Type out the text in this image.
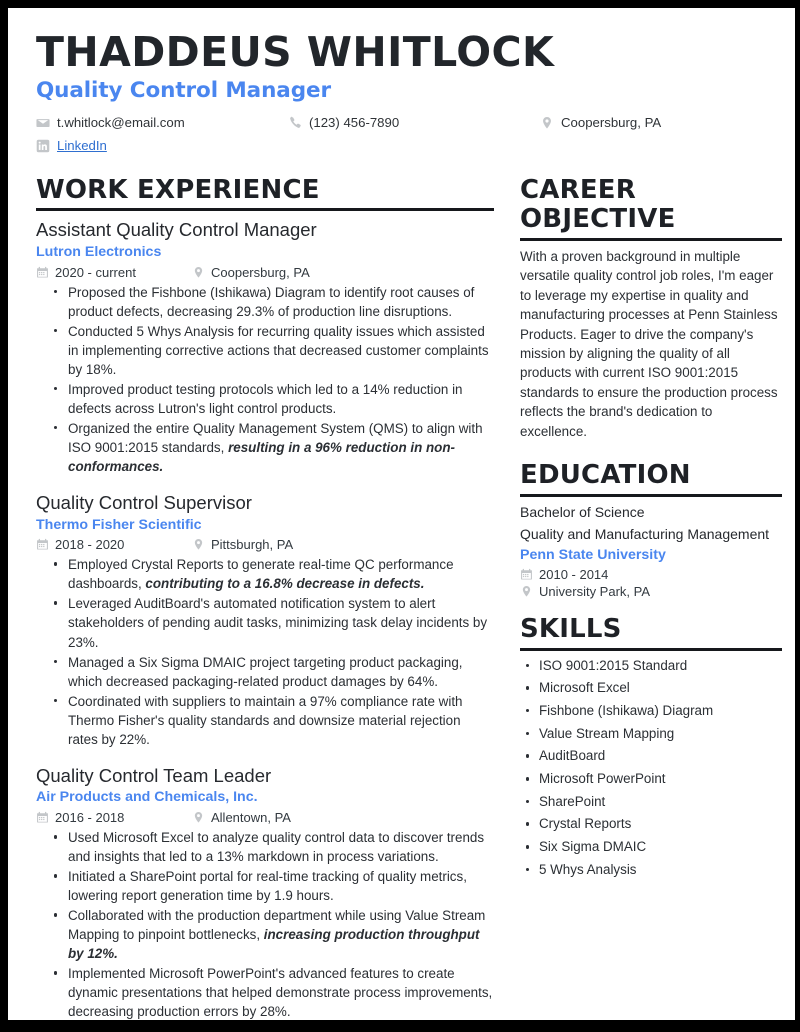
THADDEUS WHITLOCK
Quality Control Manager
t.whitlock@email.com	(123) 456-7890	Coopersburg, PA
LinkedIn
WORK EXPERIENCE
Assistant Quality Control Manager
Lutron Electronics
2020 - current	Coopersburg, PA
Proposed the Fishbone (Ishikawa) Diagram to identify root causes of product defects, decreasing 29.3% of production line disruptions.
Conducted 5 Whys Analysis for recurring quality issues which assisted in implementing corrective actions that decreased customer complaints by 18%.
Improved product testing protocols which led to a 14% reduction in defects across Lutron's light control products.
Organized the entire Quality Management System (QMS) to align with ISO 9001:2015 standards, resulting in a 96% reduction in non-conformances.
Quality Control Supervisor
Thermo Fisher Scientific
2018 - 2020	Pittsburgh, PA
Employed Crystal Reports to generate real-time QC performance dashboards, contributing to a 16.8% decrease in defects.
Leveraged AuditBoard's automated notification system to alert stakeholders of pending audit tasks, minimizing task delay incidents by 23%.
Managed a Six Sigma DMAIC project targeting product packaging, which decreased packaging-related product damages by 64%.
Coordinated with suppliers to maintain a 97% compliance rate with Thermo Fisher's quality standards and downsize material rejection rates by 22%.
Quality Control Team Leader
Air Products and Chemicals, Inc.
2016 - 2018	Allentown, PA
Used Microsoft Excel to analyze quality control data to discover trends and insights that led to a 13% markdown in process variations.
Initiated a SharePoint portal for real-time tracking of quality metrics, lowering report generation time by 1.9 hours.
Collaborated with the production department while using Value Stream Mapping to pinpoint bottlenecks, increasing production throughput by 12%.
Implemented Microsoft PowerPoint's advanced features to create dynamic presentations that helped demonstrate process improvements, decreasing production errors by 28%.
CAREER OBJECTIVE

With a proven background in multiple versatile quality control job roles, I'm eager to leverage my expertise in quality and manufacturing processes at Penn Stainless Products. Eager to drive the company's mission by aligning the quality of all products with current ISO 9001:2015 standards to ensure the production process reflects the brand's dedication to excellence.

EDUCATION
Bachelor of Science
Quality and Manufacturing Management
Penn State University
2010 - 2014
University Park, PA
SKILLS
ISO 9001:2015 Standard
Microsoft Excel
Fishbone (Ishikawa) Diagram
Value Stream Mapping
AuditBoard
Microsoft PowerPoint
SharePoint
Crystal Reports
Six Sigma DMAIC
5 Whys Analysis
